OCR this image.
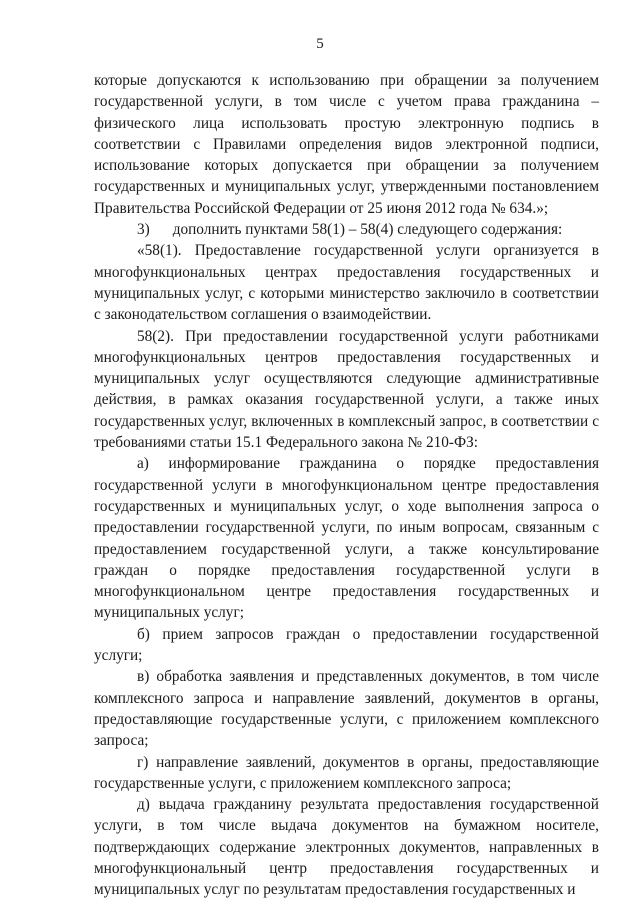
5

которые допускаются к использованию при обращении за получением государственной услуги, в том числе с учетом права гражданина – физического лица использовать простую электронную подпись в соответствии с Правилами определения видов электронной подписи, использование которых допускается при обращении за получением государственных и муниципальных услуг, утвержденными постановлением Правительства Российской Федерации от 25 июня 2012 года № 634.»;

3)      дополнить пунктами 58(1) – 58(4) следующего содержания:

«58(1). Предоставление государственной услуги организуется в многофункциональных центрах предоставления государственных и муниципальных услуг, с которыми министерство заключило в соответствии с законодательством соглашения о взаимодействии.

58(2). При предоставлении государственной услуги работниками многофункциональных центров предоставления государственных и муниципальных услуг осуществляются следующие административные действия, в рамках оказания государственной услуги, а также иных государственных услуг, включенных в комплексный запрос, в соответствии с требованиями статьи 15.1 Федерального закона № 210-ФЗ:

а) информирование гражданина о порядке предоставления государственной услуги в многофункциональном центре предоставления государственных и муниципальных услуг, о ходе выполнения запроса о предоставлении государственной услуги, по иным вопросам, связанным с предоставлением государственной услуги, а также консультирование граждан о порядке предоставления государственной услуги в многофункциональном центре предоставления государственных и муниципальных услуг;

б) прием запросов граждан о предоставлении государственной услуги;

в) обработка заявления и представленных документов, в том числе комплексного запроса и направление заявлений, документов в органы, предоставляющие государственные услуги, с приложением комплексного запроса;

г) направление заявлений, документов в органы, предоставляющие государственные услуги, с приложением комплексного запроса;

д) выдача гражданину результата предоставления государственной услуги, в том числе выдача документов на бумажном носителе, подтверждающих содержание электронных документов, направленных в многофункциональный центр предоставления государственных и муниципальных услуг по результатам предоставления государственных и
